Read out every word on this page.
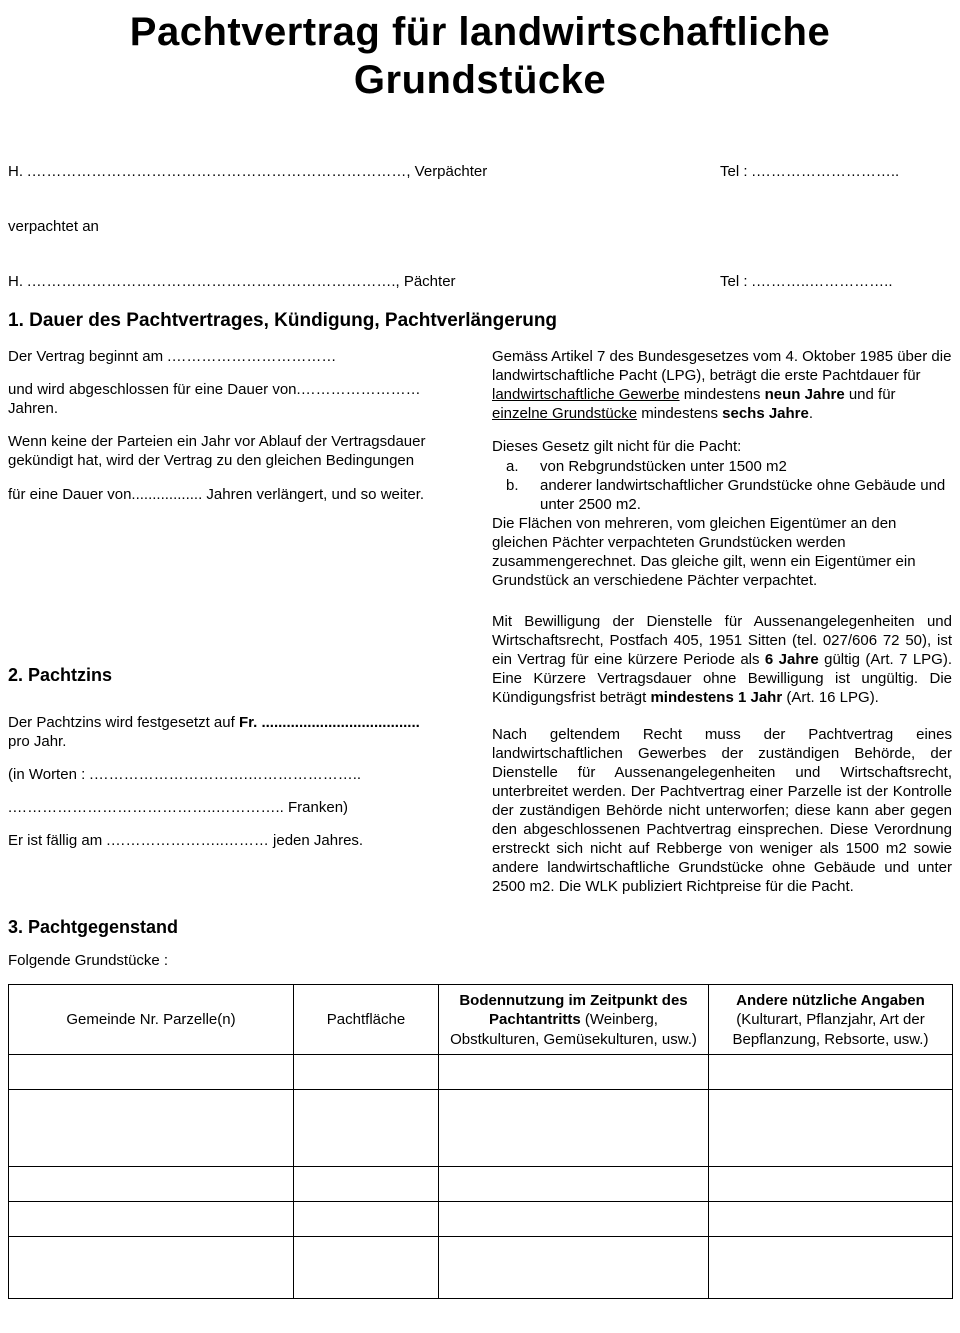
Pachtvertrag für landwirtschaftliche
Grundstücke
H. .…………………………………………………………………, Verpächter	Tel : .………………………..
verpachtet an
H. .………………………………………………………………., Pächter	Tel : .………..……………..
1. Dauer des Pachtvertrages, Kündigung, Pachtverlängerung

Der Vertrag beginnt am .……………………………

und wird abgeschlossen für eine Dauer von.…………………… Jahren.

Wenn keine der Parteien ein Jahr vor Ablauf der Vertragsdauer gekündigt hat, wird der Vertrag zu den gleichen Bedingungen

für eine Dauer von................. Jahren verlängert, und so weiter.

Gemäss Artikel 7 des Bundesgesetzes vom 4. Oktober 1985 über die landwirtschaftliche Pacht (LPG), beträgt die erste Pachtdauer für landwirtschaftliche Gewerbe mindestens neun Jahre und für einzelne Grundstücke mindestens sechs Jahre.

Dieses Gesetz gilt nicht für die Pacht:

a.	von Rebgrundstücken unter 1500 m2
b.	anderer landwirtschaftlicher Grundstücke ohne Gebäude und unter 2500 m2.

Die Flächen von mehreren, vom gleichen Eigentümer an den gleichen Pächter verpachteten Grundstücken werden zusammengerechnet. Das gleiche gilt, wenn ein Eigentümer ein Grundstück an verschiedene Pächter verpachtet.

2. Pachtzins

Der Pachtzins wird festgesetzt auf Fr. ......................................

pro Jahr.

(in Worten : .………………………….…………………..

.…………………………………..………….. Franken)

Er ist fällig am .…………………..……… jeden Jahres.

Mit Bewilligung der Dienstelle für Aussenangelegenheiten und Wirtschaftsrecht, Postfach 405, 1951 Sitten (tel. 027/606 72 50), ist ein Vertrag für eine kürzere Periode als 6 Jahre gültig (Art. 7 LPG). Eine Kürzere Vertragsdauer ohne Bewilligung ist ungültig. Die Kündigungsfrist beträgt mindestens 1 Jahr (Art. 16 LPG).

Nach geltendem Recht muss der Pachtvertrag eines landwirtschaftlichen Gewerbes der zuständigen Behörde, der Dienstelle für Aussenangelegenheiten und Wirtschaftsrecht, unterbreitet werden. Der Pachtvertrag einer Parzelle ist der Kontrolle der zuständigen Behörde nicht unterworfen; diese kann aber gegen den abgeschlossenen Pachtvertrag einsprechen. Diese Verordnung erstreckt sich nicht auf Rebberge von weniger als 1500 m2 sowie andere landwirtschaftliche Grundstücke ohne Gebäude und unter 2500 m2. Die WLK publiziert Richtpreise für die Pacht.

3. Pachtgegenstand

Folgende Grundstücke :

Gemeinde Nr. Parzelle(n)	Pachtfläche	Bodennutzung im Zeitpunkt des Pachtantritts (Weinberg, Obstkulturen, Gemüsekulturen, usw.)	Andere nützliche Angaben (Kulturart, Pflanzjahr, Art der Bepflanzung, Rebsorte, usw.)
